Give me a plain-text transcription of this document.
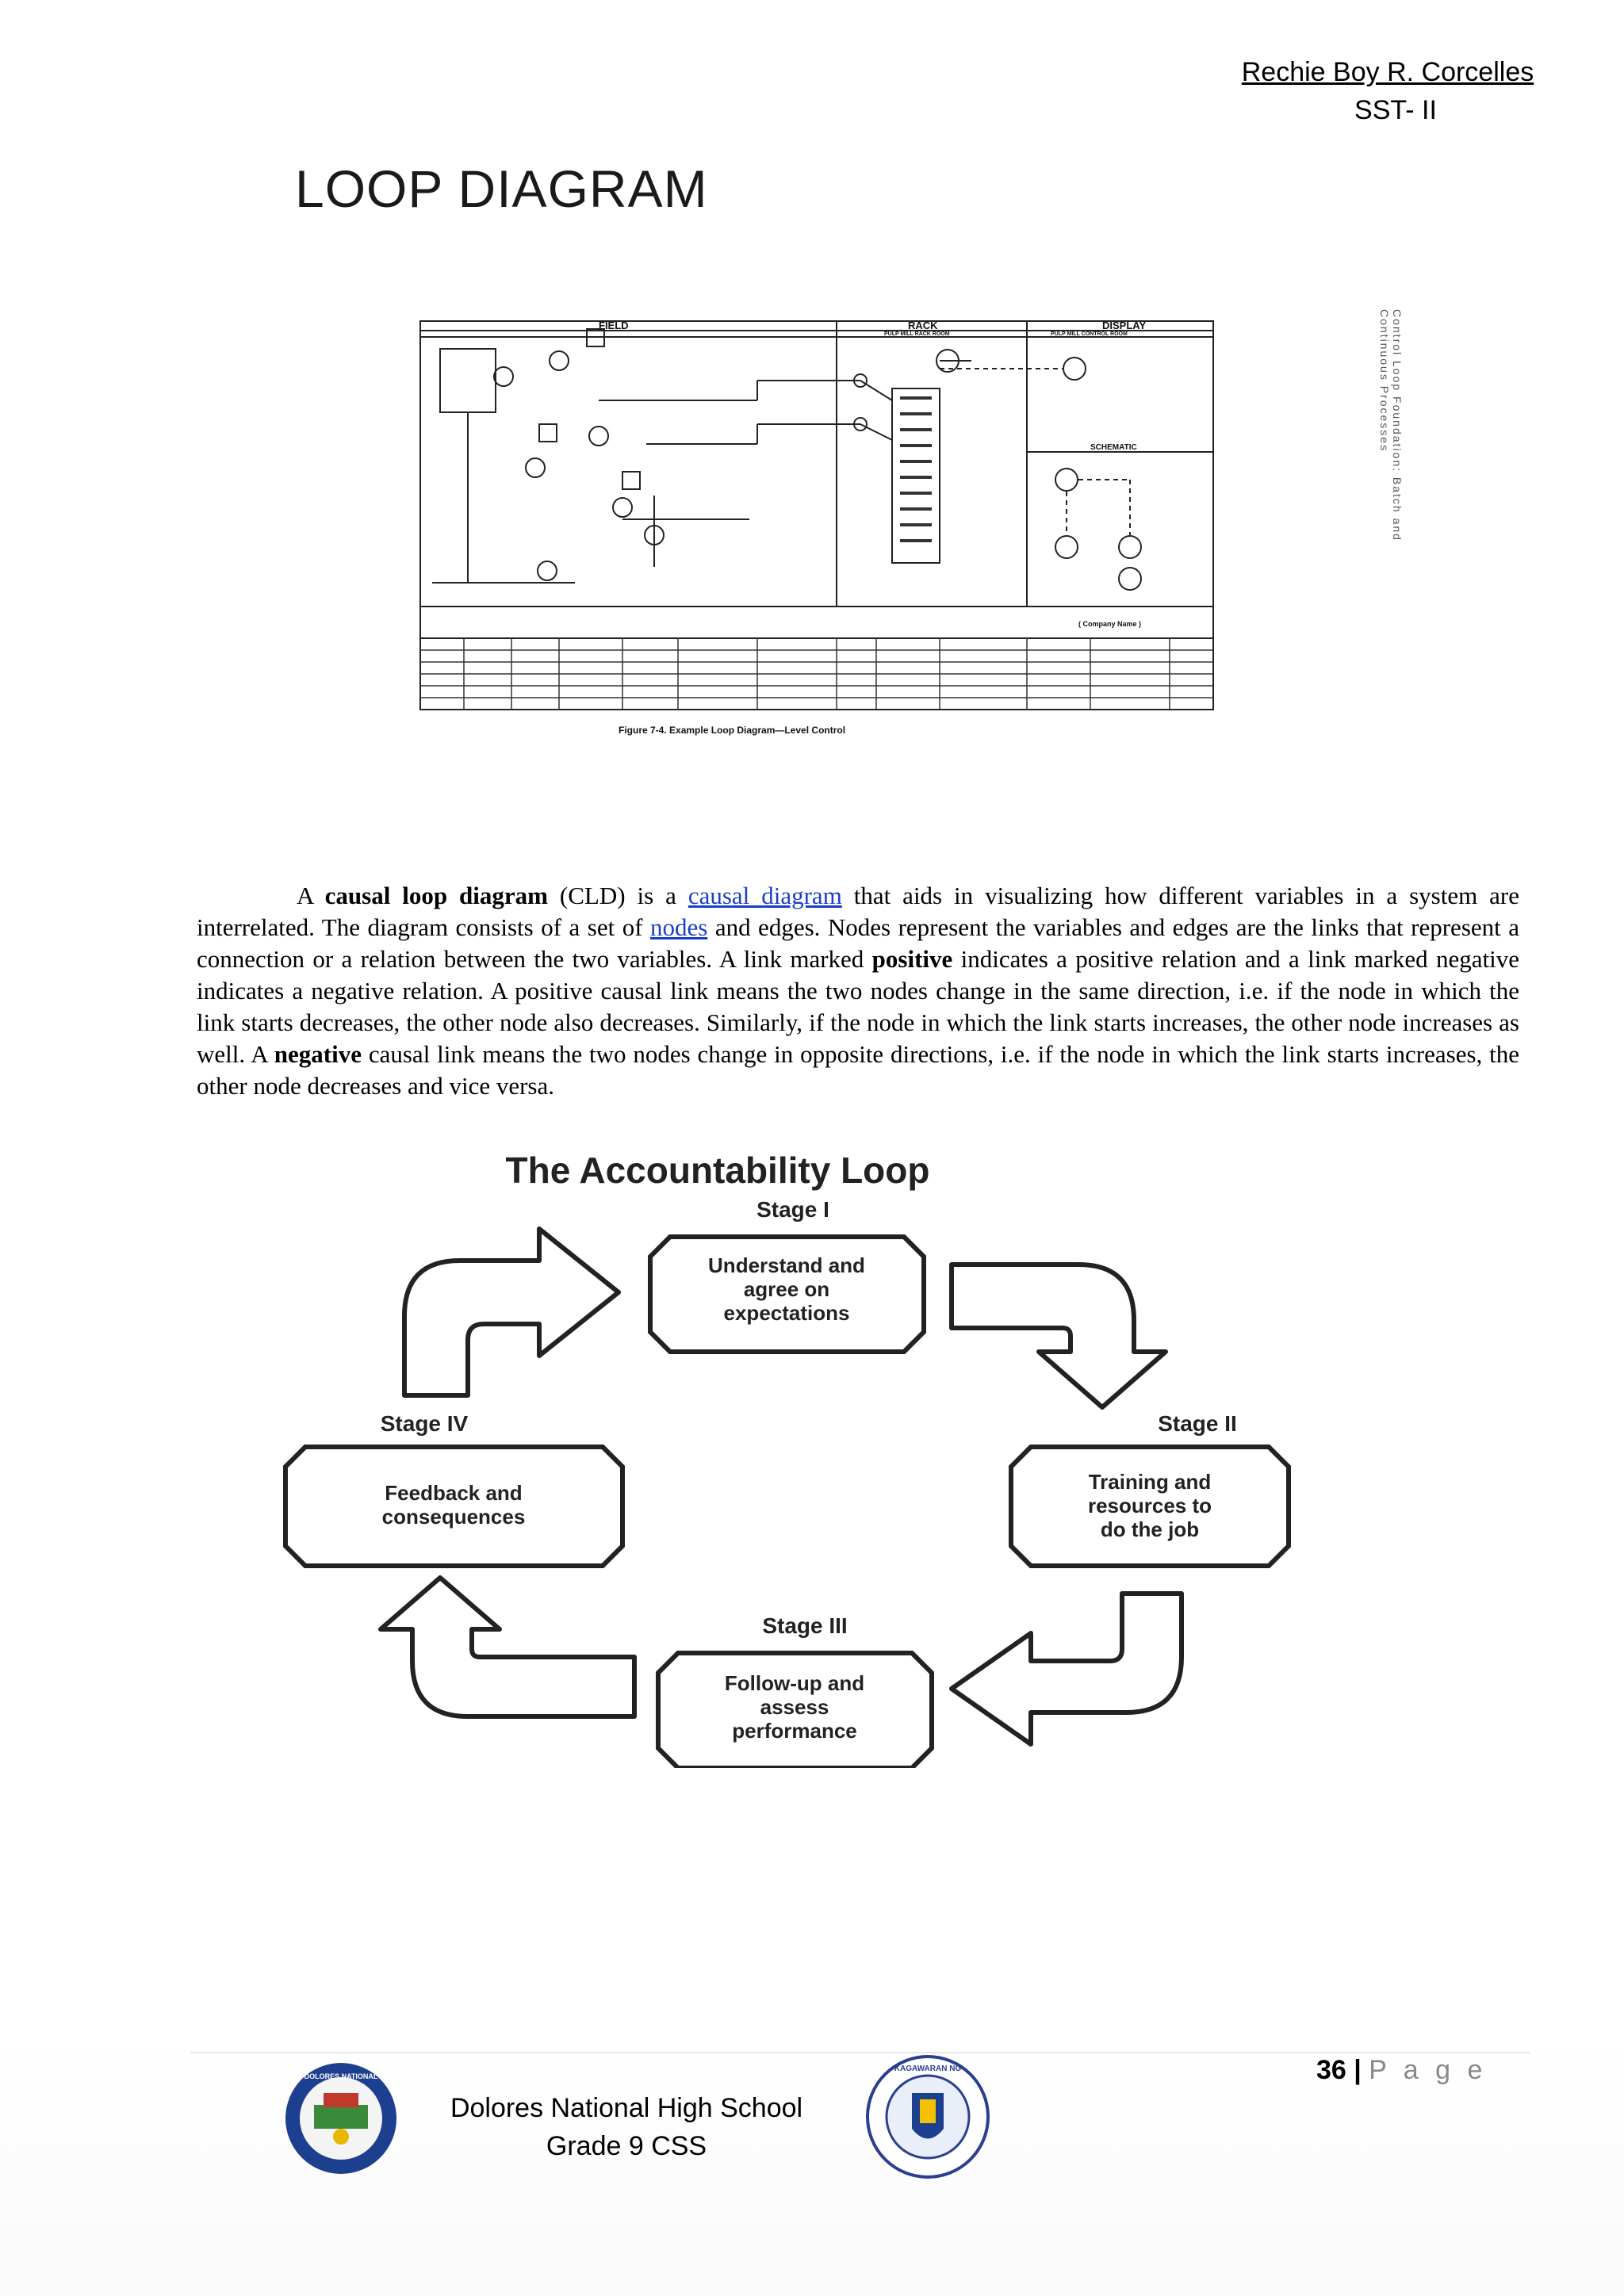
Rechie Boy R. Corcelles
SST- II
LOOP DIAGRAM
FIELD	RACK	DISPLAY
PULP MILL RACK ROOM	PULP MILL CONTROL ROOM
SCHEMATIC
( Company Name )
Figure 7-4. Example Loop Diagram—Level Control
Control Loop Foundation: Batch and Continuous Processes

A causal loop diagram (CLD) is a causal diagram that aids in visualizing how different variables in a system are interrelated. The diagram consists of a set of nodes and edges. Nodes represent the variables and edges are the links that represent a connection or a relation between the two variables. A link marked positive indicates a positive relation and a link marked negative indicates a negative relation. A positive causal link means the two nodes change in the same direction, i.e. if the node in which the link starts decreases, the other node also decreases. Similarly, if the node in which the link starts increases, the other node increases as well. A negative causal link means the two nodes change in opposite directions, i.e. if the node in which the link starts increases, the other node decreases and vice versa.

The Accountability Loop
Stage I
Stage II
Stage III
Stage IV
Understand and
agree on
expectations
Training and
resources to
do the job
Follow-up and
assess
performance
Feedback and
consequences
36 | P a g e
DOLORES NATIONAL
Dolores National High School
Grade 9 CSS
KAGAWARAN NG
